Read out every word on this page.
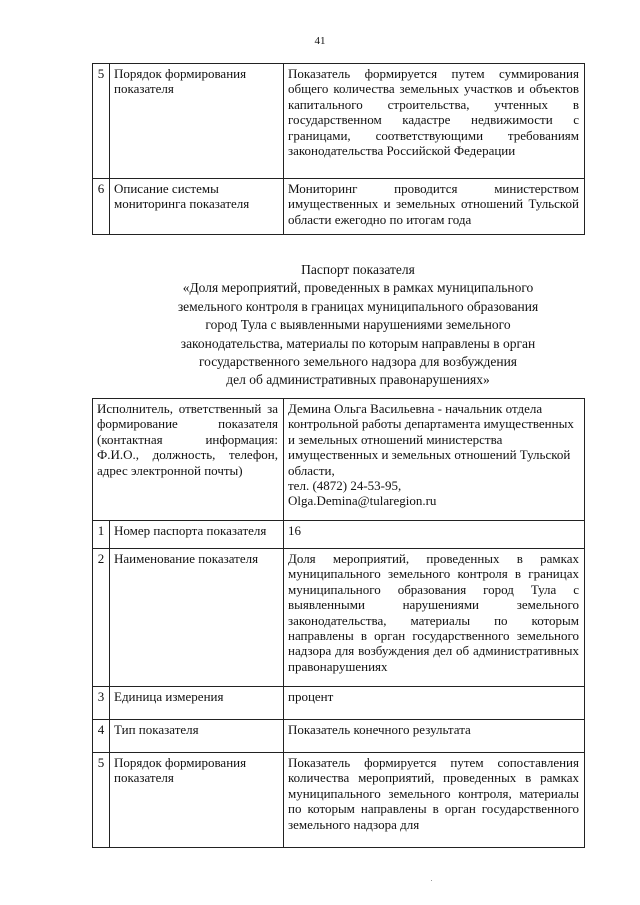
41
5	Порядок формирования показателя	Показатель формируется путем суммирования общего количества земельных участков и объектов капитального строительства, учтенных в государственном кадастре недвижимости с границами, соответствующими требованиям законодательства Российской Федерации
6	Описание системы мониторинга показателя	Мониторинг проводится министерством имущественных и земельных отношений Тульской области ежегодно по итогам года
Паспорт показателя
«Доля мероприятий, проведенных в рамках муниципального
земельного контроля в границах муниципального образования
город Тула с выявленными нарушениями земельного
законодательства, материалы по которым направлены в орган
государственного земельного надзора для возбуждения
дел об административных правонарушениях»
Исполнитель, ответственный за формирование показателя (контактная информация: Ф.И.О., должность, телефон, адрес электронной почты)		Демина Ольга Васильевна - начальник отдела контрольной работы департамента имущественных и земельных отношений министерства имущественных и земельных отношений Тульской области,
тел. (4872) 24-53-95,
Olga.Demina@tularegion.ru

1	Номер паспорта показателя	16
2	Наименование показателя	Доля мероприятий, проведенных в рамках муниципального земельного контроля в границах муниципального образования город Тула с выявленными нарушениями земельного законодательства, материалы по которым направлены в орган государственного земельного надзора для возбуждения дел об административных правонарушениях
3	Единица измерения	процент
4	Тип показателя	Показатель конечного результата
5	Порядок формирования показателя	Показатель формируется путем сопоставления количества мероприятий, проведенных в рамках муниципального земельного контроля, материалы по которым направлены в орган государственного земельного надзора для
